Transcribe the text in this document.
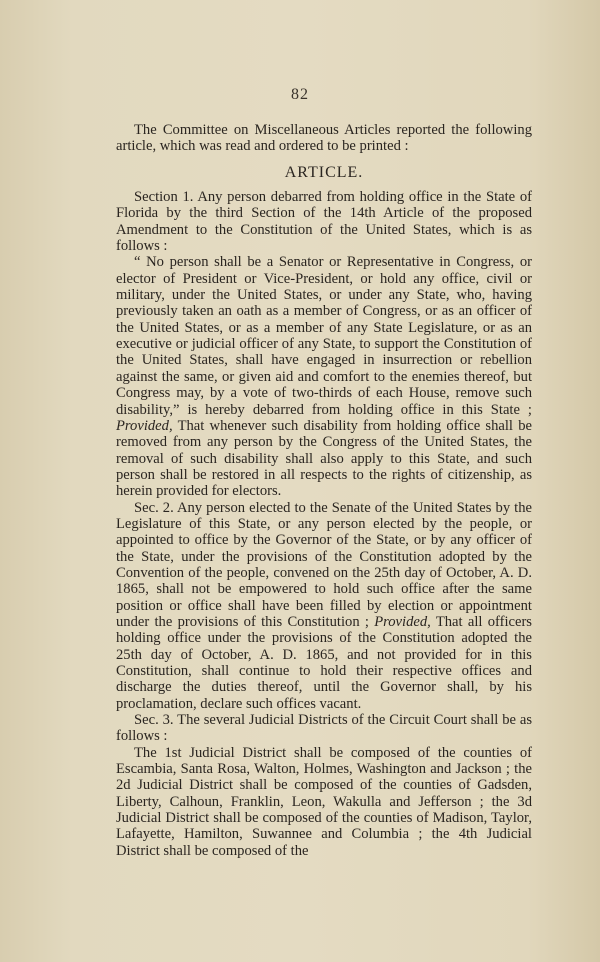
82

The Committee on Miscellaneous Articles reported the following article, which was read and ordered to be printed :

ARTICLE.

Section 1. Any person debarred from holding office in the State of Florida by the third Section of the 14th Article of the proposed Amendment to the Constitution of the United States, which is as follows :

“ No person shall be a Senator or Representative in Congress, or elector of President or Vice-President, or hold any office, civil or military, under the United States, or under any State, who, having previously taken an oath as a member of Congress, or as an officer of the United States, or as a member of any State Legislature, or as an executive or judicial officer of any State, to support the Constitution of the United States, shall have engaged in insurrection or rebellion against the same, or given aid and comfort to the enemies thereof, but Congress may, by a vote of two-thirds of each House, remove such disability,” is hereby debarred from holding office in this State ; Provided, That whenever such disability from holding office shall be removed from any person by the Congress of the United States, the removal of such disability shall also apply to this State, and such person shall be restored in all respects to the rights of citizenship, as herein provided for electors.

Sec. 2. Any person elected to the Senate of the United States by the Legislature of this State, or any person elected by the people, or appointed to office by the Governor of the State, or by any officer of the State, under the provisions of the Constitution adopted by the Convention of the people, convened on the 25th day of October, A. D. 1865, shall not be empowered to hold such office after the same position or office shall have been filled by election or appointment under the provisions of this Constitution ; Provided, That all officers holding office under the provisions of the Constitution adopted the 25th day of October, A. D. 1865, and not provided for in this Constitution, shall continue to hold their respective offices and discharge the duties thereof, until the Governor shall, by his proclamation, declare such offices vacant.

Sec. 3. The several Judicial Districts of the Circuit Court shall be as follows :

The 1st Judicial District shall be composed of the counties of Escambia, Santa Rosa, Walton, Holmes, Washington and Jackson ; the 2d Judicial District shall be composed of the counties of Gadsden, Liberty, Calhoun, Franklin, Leon, Wakulla and Jefferson ; the 3d Judicial District shall be composed of the counties of Madison, Taylor, Lafayette, Hamilton, Suwannee and Columbia ; the 4th Judicial District shall be composed of the
